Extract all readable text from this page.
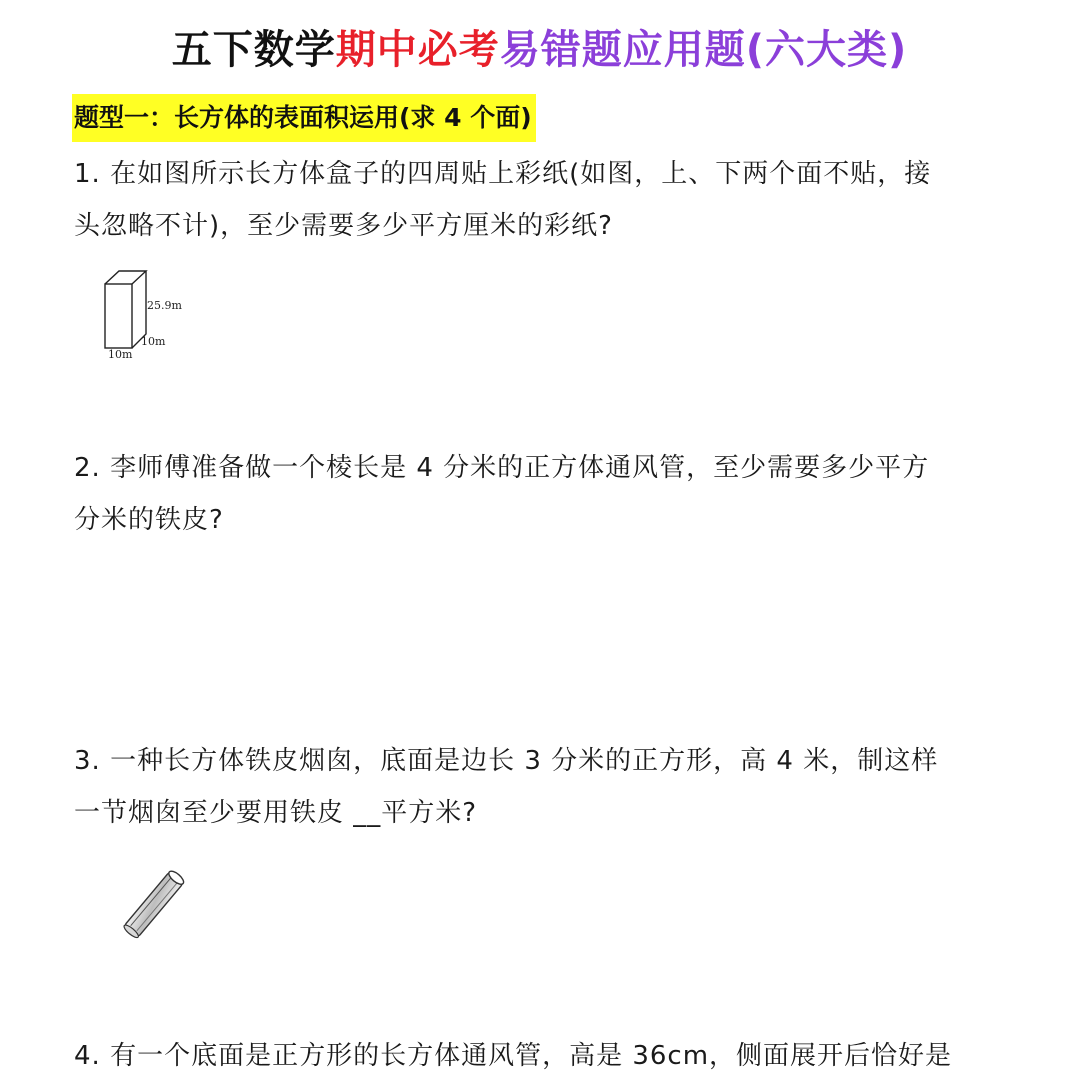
五下数学期中必考易错题应用题(六大类)
题型一：长方体的表面积运用(求 4 个面)
1. 在如图所示长方体盒子的四周贴上彩纸(如图，上、下两个面不贴，接
头忽略不计)，至少需要多少平方厘米的彩纸?
25.9m
10m
10m
2. 李师傅准备做一个棱长是 4 分米的正方体通风管，至少需要多少平方
分米的铁皮?
3. 一种长方体铁皮烟囱，底面是边长 3 分米的正方形，高 4 米，制这样
一节烟囱至少要用铁皮 __平方米?
4. 有一个底面是正方形的长方体通风管，高是 36cm，侧面展开后恰好是
